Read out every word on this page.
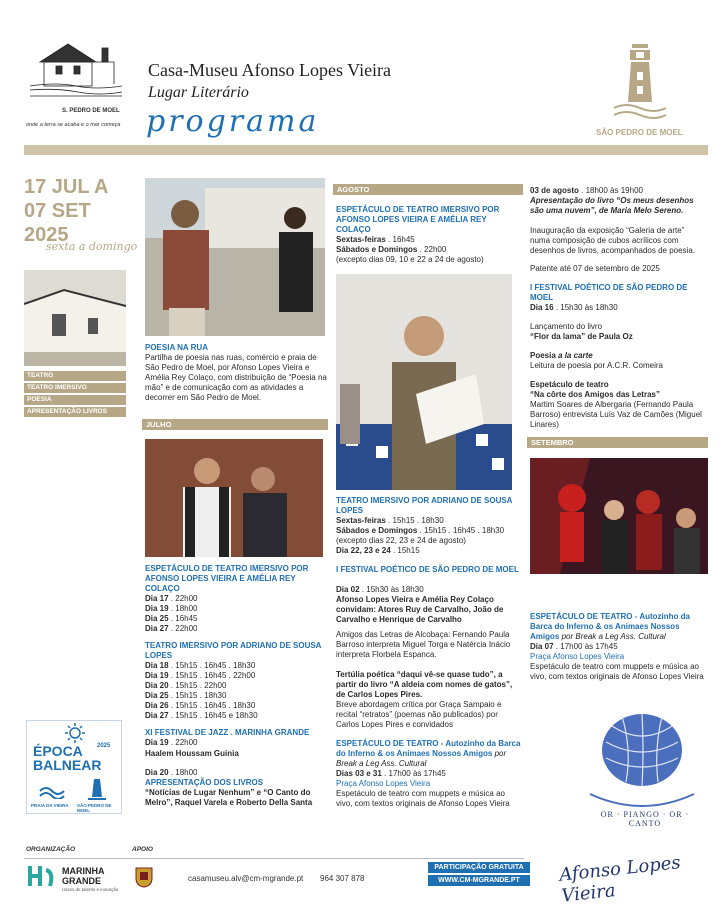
S. PEDRO DE MOEL
onde a terra se acaba e o mar começa
Casa-Museu Afonso Lopes Vieira
Lugar Literário
programa	SÃO PEDRO DE MOEL
17 JUL A
07 SET
2025
sexta a domingo
TEATRO
TEATRO IMERSIVO
POESIA
APRESENTAÇÃO LIVROS
POESIA NA RUA
Partilha de poesia nas ruas, comércio e praia de São Pedro de Moel, por Afonso Lopes Vieira e Amélia Rey Colaço, com distribuição de “Poesia na mão” e de comunicação com as atividades a decorrer em São Pedro de Moel.
JULHO
ESPETÁCULO DE TEATRO IMERSIVO POR AFONSO LOPES VIEIRA E AMÉLIA REY COLAÇO
Dia 17 . 22h00
Dia 19 . 18h00
Dia 25 . 16h45
Dia 27 . 22h00
TEATRO IMERSIVO POR ADRIANO DE SOUSA LOPES
Dia 18 . 15h15 . 16h45 . 18h30
Dia 19 . 15h15 . 16h45 . 22h00
Dia 20 . 15h15 . 22h00
Dia 25 . 15h15 . 18h30
Dia 26 . 15h15 . 16h45 . 18h30
Dia 27 . 15h15 . 16h45 e 18h30
XI FESTIVAL DE JAZZ . MARINHA GRANDE
Dia 19 . 22h00
Haalem Houssam Guinia
Dia 20 . 18h00
APRESENTAÇÃO DOS LIVROS
“Notícias de Lugar Nenhum” e “O Canto do Melro”, Raquel Varela e Roberto Della Santa
AGOSTO
ESPETÁCULO DE TEATRO IMERSIVO POR AFONSO LOPES VIEIRA E AMÉLIA REY COLAÇO
Sextas-feiras . 16h45
Sábados e Domingos . 22h00
(excepto dias 09, 10 e 22 a 24 de agosto)
TEATRO IMERSIVO POR ADRIANO DE SOUSA LOPES
Sextas-feiras . 15h15 . 18h30
Sábados e Domingos . 15h15 . 16h45 . 18h30
(excepto dias 22, 23 e 24 de agosto)
Dia 22, 23 e 24 . 15h15
I FESTIVAL POÉTICO DE SÃO PEDRO DE MOEL
Dia 02 . 15h30 às 18h30
Afonso Lopes Vieira e Amélia Rey Colaço convidam: Atores Ruy de Carvalho, João de Carvalho e Henrique de Carvalho
Amigos das Letras de Alcobaça: Fernando Paula Barroso interpreta Miguel Torga e Natércia Inácio interpreta Florbela Espanca.
Tertúlia poética “daqui vê-se quase tudo”, a partir do livro “A aldeia com nomes de gatos”, de Carlos Lopes Pires.
Breve abordagem crítica por Graça Sampaio e recital “retratos” (poemas não publicados) por Carlos Lopes Pires e convidados
ESPETÁCULO DE TEATRO - Autozinho da Barca do Inferno & os Animaes Nossos Amigos por Break a Leg Ass. Cultural
Dias 03 e 31 . 17h00 às 17h45
Praça Afonso Lopes Vieira
Espetáculo de teatro com muppets e música ao vivo, com textos originais de Afonso Lopes Vieira
03 de agosto . 18h00 às 19h00
Apresentação do livro “Os meus desenhos são uma nuvem”, de Maria Melo Sereno.
Inauguração da exposição “Galeria de arte” numa composição de cubos acrílicos com desenhos de livros, acompanhados de poesia.
Patente até 07 de setembro de 2025
I FESTIVAL POÉTICO DE SÃO PEDRO DE MOEL
Dia 16 . 15h30 às 18h30
Lançamento do livro
“Flor da lama” de Paula Oz
Poesia a la carte
Leitura de poesia por A.C.R. Comeira
Espetáculo de teatro
“Na côrte dos Amigos das Letras”
Martim Soares de Albergaria (Fernando Paula Barroso) entrevista Luís Vaz de Camões (Miguel Linares)
SETEMBRO
ESPETÁCULO DE TEATRO - Autozinho da Barca do Inferno & os Animaes Nossos Amigos por Break a Leg Ass. Cultural
Dia 07 . 17h00 às 17h45
Praça Afonso Lopes Vieira
Espetáculo de teatro com muppets e música ao vivo, com textos originais de Afonso Lopes Vieira
OR · PIANGO · OR · CANTO
ÉPOCA 2025
BALNEAR
PRAIA DA VIEIRA SÃO PEDRO DE MOEL
ORGANIZAÇÃO	APOIO
MARINHA
GRANDE
raízes de talento e inovação
casamuseu.alv@cm-mgrande.pt 964 307 878
PARTICIPAÇÃO GRATUITA
WWW.CM-MGRANDE.PT	Afonso Lopes Vieira
